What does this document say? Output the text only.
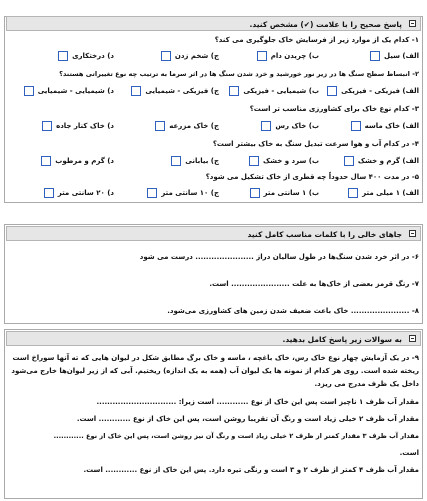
پاسخ صحیح را با علامت (✔) مشخص کنید.
۱- کدام یک از موارد زیر از فرسایش خاک جلوگیری می کند؟
الف) سیل
ب) چریدن دام
ج) شخم زدن
د) درختکاری
۲- انبساط سطح سنگ ها در زیر نور خورشید و خرد شدن سنگ ها در اثر سرما به ترتیب چه نوع تغییراتی هستند؟
الف) فیزیکی - فیزیکی
ب) شیمیایی - فیزیکی
ج) فیزیکی - شیمیایی
د) شیمیایی - شیمیایی
۳- کدام نوع خاک برای کشاورزی مناسب تر است؟
الف) خاک ماسه
ب) خاک رس
ج) خاک مزرعه
د) خاک کنار جاده
۴- در کدام آب و هوا سرعت تبدیل سنگ به خاک بیشتر است؟
الف) گرم و خشک
ب) سرد و خشک
ج) بیابانی
د) گرم و مرطوب
۵- در مدت ۴۰۰ سال حدوداً چه قطری از خاک تشکیل می شود؟
الف) ۱ میلی متر
ب) ۱ سانتی متر
ج) ۱۰ سانتی متر
د) ۲۰ سانتی متر
جاهای خالی را با کلمات مناسب کامل کنید
۶- در اثر خرد شدن سنگ‌ها در طول سالیان دراز ...................... درست می شود
۷- رنگ قرمز بعضی از خاک‌ها به علت ...................... است.
۸- ...................... خاک باعث ضعیف شدن زمین های کشاورزی می‌شود.
به سوالات زیر پاسخ کامل بدهید.
۹- در یک آزمایش چهار نوع خاک رس، خاک باغچه ، ماسه و خاک برگ مطابق شکل در لیوان هایی که ته آنها سوراخ است ریخته شده است. روی هر کدام از نمونه ها یک لیوان آب (همه به یک اندازه) ریختیم. آبی که از زیر لیوان‌ها خارج می‌شود داخل یک ظرف مدرج می ریزد.
مقدار آب ظرف ۱ ناچیز است پس این خاک از نوع ............ است زیرا: ..............................
مقدار آب ظرف ۲ خیلی زیاد است و رنگ آن تقریبا روشن است، پس این خاک از نوع ............ است.
مقدار آب ظرف ۳ مقدار کمتر از ظرف ۲ خیلی زیاد است و رنگ آن نیز روشن است، پس این خاک از نوع ............
است.
مقدار آب ظرف ۴ کمتر از ظرف ۲ و ۳ است و رنگی تیره دارد. پس این خاک از نوع ............ است.
